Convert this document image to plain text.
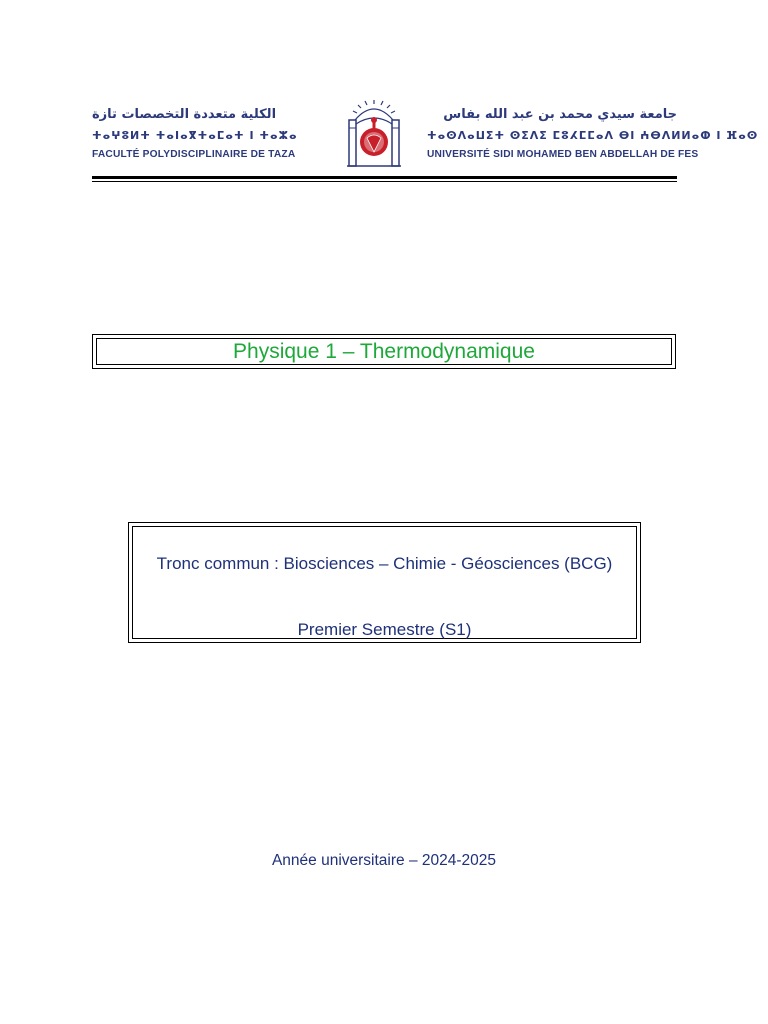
الكلية متعددة التخصصات تازة
ⵜⴰⵖⵓⵍⵜ ⵜⴰⵏⴰⴳⵜⴰⵎⴰⵜ ⵏ ⵜⴰⵣⴰ
FACULTÉ POLYDISCIPLINAIRE DE TAZA
جامعة سيدي محمد بن عبد الله بفاس
ⵜⴰⵙⴷⴰⵡⵉⵜ ⵙⵉⴷⵉ ⵎⵓⵃⵎⵎⴰⴷ ⴱⵏ ⵄⴱⴷⵍⵍⴰⵀ ⵏ ⴼⴰⵙ
UNIVERSITÉ SIDI MOHAMED BEN ABDELLAH DE FES
Physique 1 – Thermodynamique
Tronc commun : Biosciences – Chimie - Géosciences (BCG)
Premier Semestre (S1)
Année universitaire – 2024-2025
